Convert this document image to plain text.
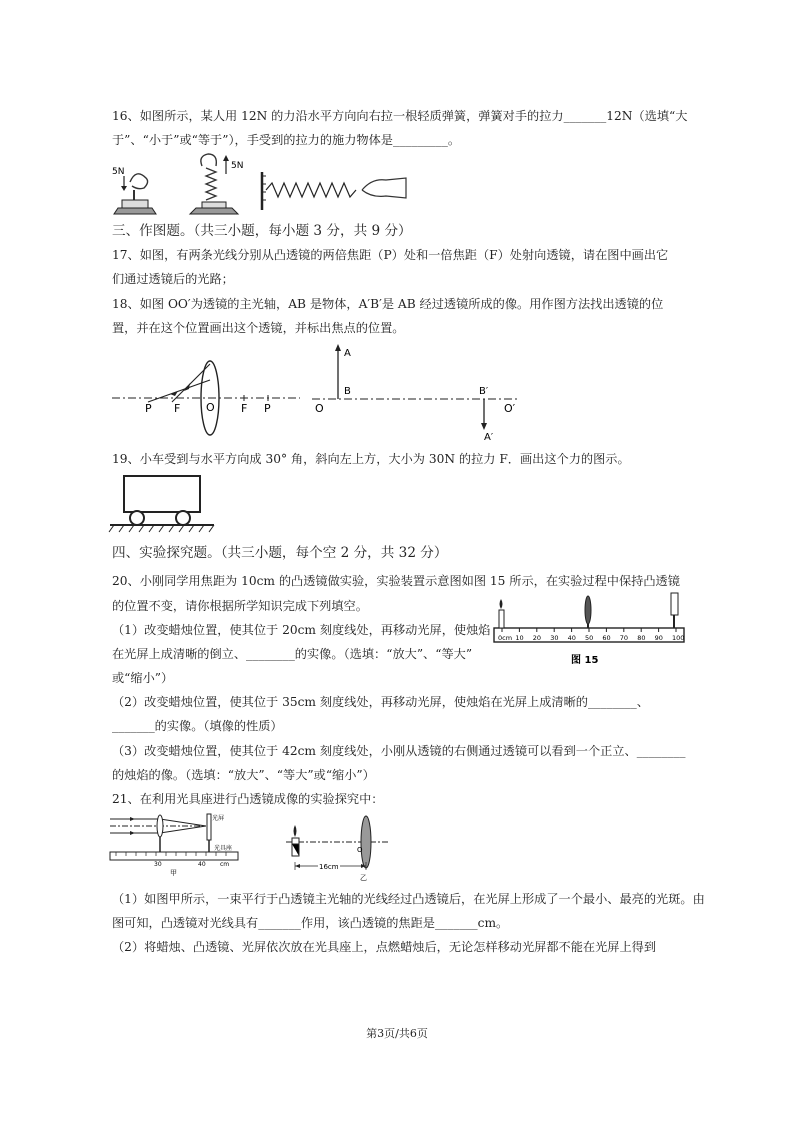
16、如图所示，某人用 12N 的力沿水平方向向右拉一根轻质弹簧，弹簧对手的拉力_______12N（选填“大
于”、“小于”或“等于”），手受到的拉力的施力物体是_________。
5N
5N
三、作图题。（共三小题，每小题 3 分，共 9 分）
17、如图，有两条光线分别从凸透镜的两倍焦距（P）处和一倍焦距（F）处射向透镜，请在图中画出它
们通过透镜后的光路；
18、如图 OO′为透镜的主光轴，AB 是物体，A′B′是 AB 经过透镜所成的像。用作图方法找出透镜的位
置，并在这个位置画出这个透镜，并标出焦点的位置。
P F O F P
A
B
O
B′
O′
A′
19、小车受到与水平方向成 30° 角，斜向左上方，大小为 30N 的拉力 F．画出这个力的图示。
四、实验探究题。（共三小题，每个空 2 分，共 32 分）
20、小刚同学用焦距为 10cm 的凸透镜做实验，实验装置示意图如图 15 所示，在实验过程中保持凸透镜
的位置不变，请你根据所学知识完成下列填空。
（1）改变蜡烛位置，使其位于 20cm 刻度线处，再移动光屏，使烛焰
在光屏上成清晰的倒立、________的实像。（选填：“放大”、“等大”
或“缩小”）
0cm 10 20 30 40 50 60 70 80 90 100
图 15
（2）改变蜡烛位置，使其位于 35cm 刻度线处，再移动光屏，使烛焰在光屏上成清晰的________、
_______的实像。（填像的性质）
（3）改变蜡烛位置，使其位于 42cm 刻度线处，小刚从透镜的右侧通过透镜可以看到一个正立、________
的烛焰的像。（选填：“放大”、“等大”或“缩小”）
21、在利用光具座进行凸透镜成像的实验探究中：
光屏
光具座
30	40 cm
甲
O
16cm
乙
（1）如图甲所示，一束平行于凸透镜主光轴的光线经过凸透镜后，在光屏上形成了一个最小、最亮的光斑。由
图可知，凸透镜对光线具有_______作用，该凸透镜的焦距是_______cm。
（2）将蜡烛、凸透镜、光屏依次放在光具座上，点燃蜡烛后，无论怎样移动光屏都不能在光屏上得到
第3页/共6页
